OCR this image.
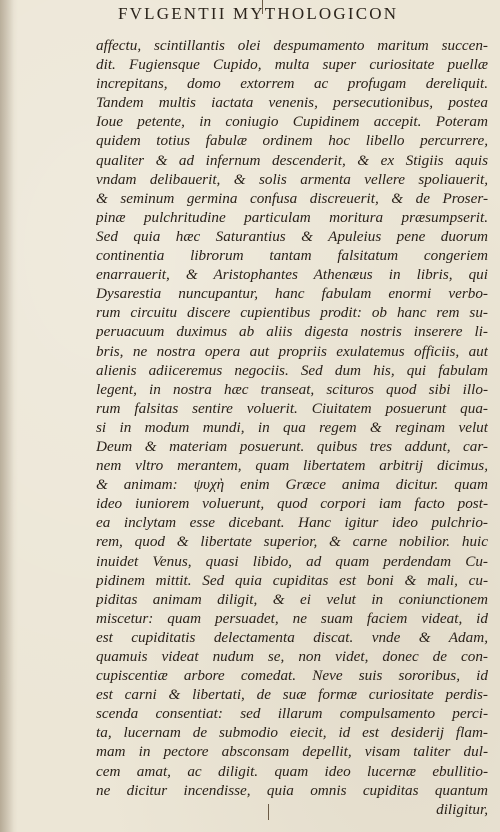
FVLGENTII MYTHOLOGICON
affectu, scintillantis olei despumamento maritum succen-
dit. Fugiensque Cupido, multa super curiositate puellæ
increpitans, domo extorrem ac profugam dereliquit.
Tandem multis iactata venenis, persecutionibus, postea
Ioue petente, in coniugio Cupidinem accepit. Poteram
quidem totius fabulæ ordinem hoc libello percurrere,
qualiter & ad infernum descenderit, & ex Stigiis aquis
vndam delibauerit, & solis armenta vellere spoliauerit,
& seminum germina confusa discreuerit, & de Proser-
pinæ pulchritudine particulam moritura præsumpserit.
Sed quia hæc Saturantius & Apuleius pene duorum
continentia librorum tantam falsitatum congeriem
enarrauerit, & Aristophantes Athenæus in libris, qui
Dysarestia nuncupantur, hanc fabulam enormi verbo-
rum circuitu discere cupientibus prodit: ob hanc rem su-
peruacuum duximus ab aliis digesta nostris inserere li-
bris, ne nostra opera aut propriis exulatemus officiis, aut
alienis adiiceremus negociis. Sed dum his, qui fabulam
legent, in nostra hæc transeat, scituros quod sibi illo-
rum falsitas sentire voluerit. Ciuitatem posuerunt qua-
si in modum mundi, in qua regem & reginam velut
Deum & materiam posuerunt. quibus tres addunt, car-
nem vltro merantem, quam libertatem arbitrij dicimus,
& animam: ψυχὴ enim Græce anima dicitur. quam
ideo iuniorem voluerunt, quod corpori iam facto post-
ea inclytam esse dicebant. Hanc igitur ideo pulchrio-
rem, quod & libertate superior, & carne nobilior. huic
inuidet Venus, quasi libido, ad quam perdendam Cu-
pidinem mittit. Sed quia cupiditas est boni & mali, cu-
piditas animam diligit, & ei velut in coniunctionem
miscetur: quam persuadet, ne suam faciem videat, id
est cupiditatis delectamenta discat. vnde & Adam,
quamuis videat nudum se, non videt, donec de con-
cupiscentiæ arbore comedat. Neve suis sororibus, id
est carni & libertati, de suæ formæ curiositate perdis-
scenda consentiat: sed illarum compulsamento perci-
ta, lucernam de submodio eiecit, id est desiderij flam-
mam in pectore absconsam depellit, visam taliter dul-
cem amat, ac diligit. quam ideo lucernæ ebullitio-
ne dicitur incendisse, quia omnis cupiditas quantum
diligitur,
